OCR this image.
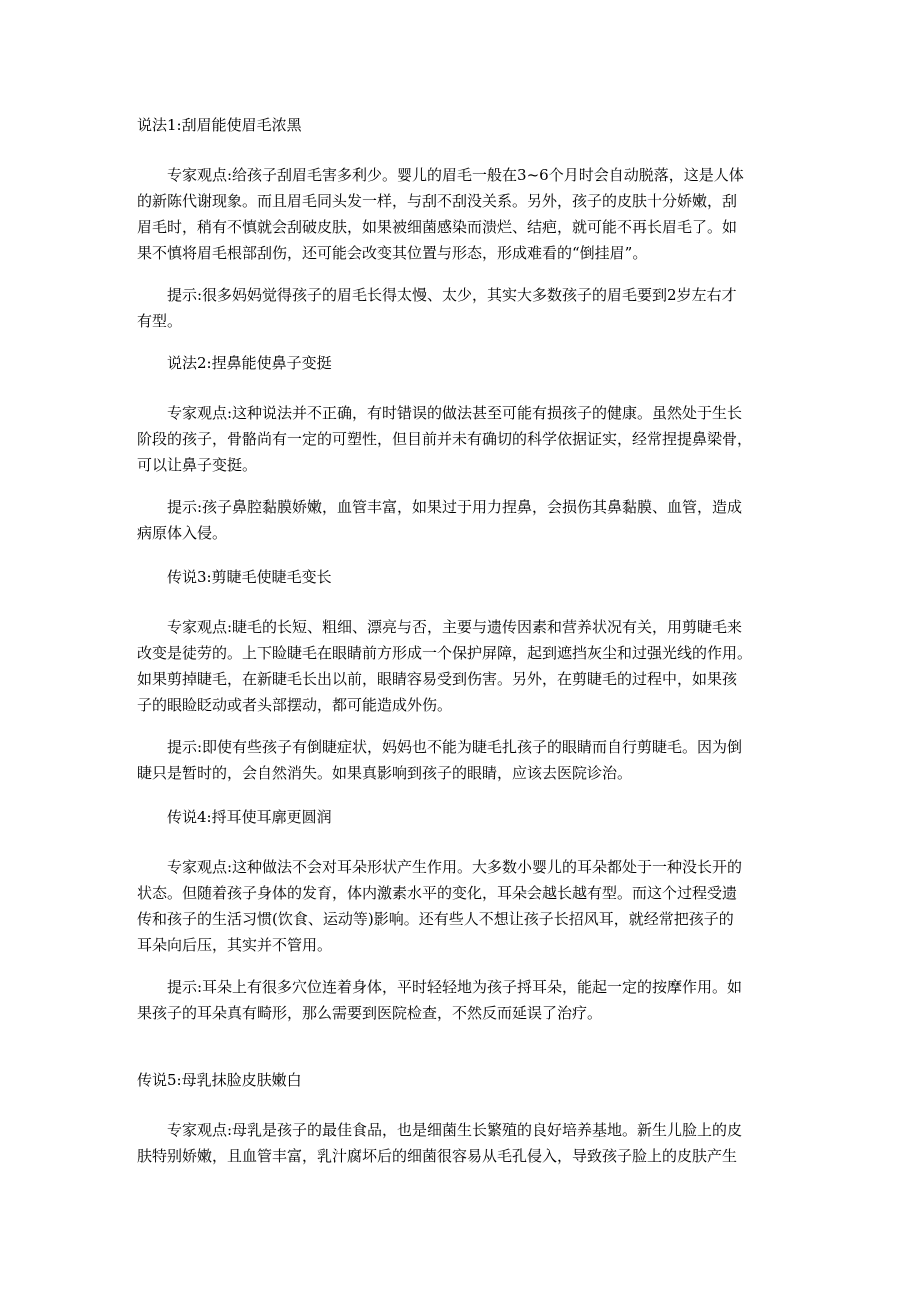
说法1:刮眉能使眉毛浓黑
专家观点:给孩子刮眉毛害多利少。婴儿的眉毛一般在3~6个月时会自动脱落，这是人体
的新陈代谢现象。而且眉毛同头发一样，与刮不刮没关系。另外，孩子的皮肤十分娇嫩，刮
眉毛时，稍有不慎就会刮破皮肤，如果被细菌感染而溃烂、结疤，就可能不再长眉毛了。如
果不慎将眉毛根部刮伤，还可能会改变其位置与形态，形成难看的“倒挂眉”。
提示:很多妈妈觉得孩子的眉毛长得太慢、太少，其实大多数孩子的眉毛要到2岁左右才
有型。
说法2:捏鼻能使鼻子变挺
专家观点:这种说法并不正确，有时错误的做法甚至可能有损孩子的健康。虽然处于生长
阶段的孩子，骨骼尚有一定的可塑性，但目前并未有确切的科学依据证实，经常捏提鼻梁骨，
可以让鼻子变挺。
提示:孩子鼻腔黏膜娇嫩，血管丰富，如果过于用力捏鼻，会损伤其鼻黏膜、血管，造成
病原体入侵。
传说3:剪睫毛使睫毛变长
专家观点:睫毛的长短、粗细、漂亮与否，主要与遗传因素和营养状况有关，用剪睫毛来
改变是徒劳的。上下睑睫毛在眼睛前方形成一个保护屏障，起到遮挡灰尘和过强光线的作用。
如果剪掉睫毛，在新睫毛长出以前，眼睛容易受到伤害。另外，在剪睫毛的过程中，如果孩
子的眼睑眨动或者头部摆动，都可能造成外伤。
提示:即使有些孩子有倒睫症状，妈妈也不能为睫毛扎孩子的眼睛而自行剪睫毛。因为倒
睫只是暂时的，会自然消失。如果真影响到孩子的眼睛，应该去医院诊治。
传说4:捋耳使耳廓更圆润
专家观点:这种做法不会对耳朵形状产生作用。大多数小婴儿的耳朵都处于一种没长开的
状态。但随着孩子身体的发育，体内激素水平的变化，耳朵会越长越有型。而这个过程受遗
传和孩子的生活习惯(饮食、运动等)影响。还有些人不想让孩子长招风耳，就经常把孩子的
耳朵向后压，其实并不管用。
提示:耳朵上有很多穴位连着身体，平时轻轻地为孩子捋耳朵，能起一定的按摩作用。如
果孩子的耳朵真有畸形，那么需要到医院检查，不然反而延误了治疗。
传说5:母乳抹脸皮肤嫩白
专家观点:母乳是孩子的最佳食品，也是细菌生长繁殖的良好培养基地。新生儿脸上的皮
肤特别娇嫩，且血管丰富，乳汁腐坏后的细菌很容易从毛孔侵入，导致孩子脸上的皮肤产生
